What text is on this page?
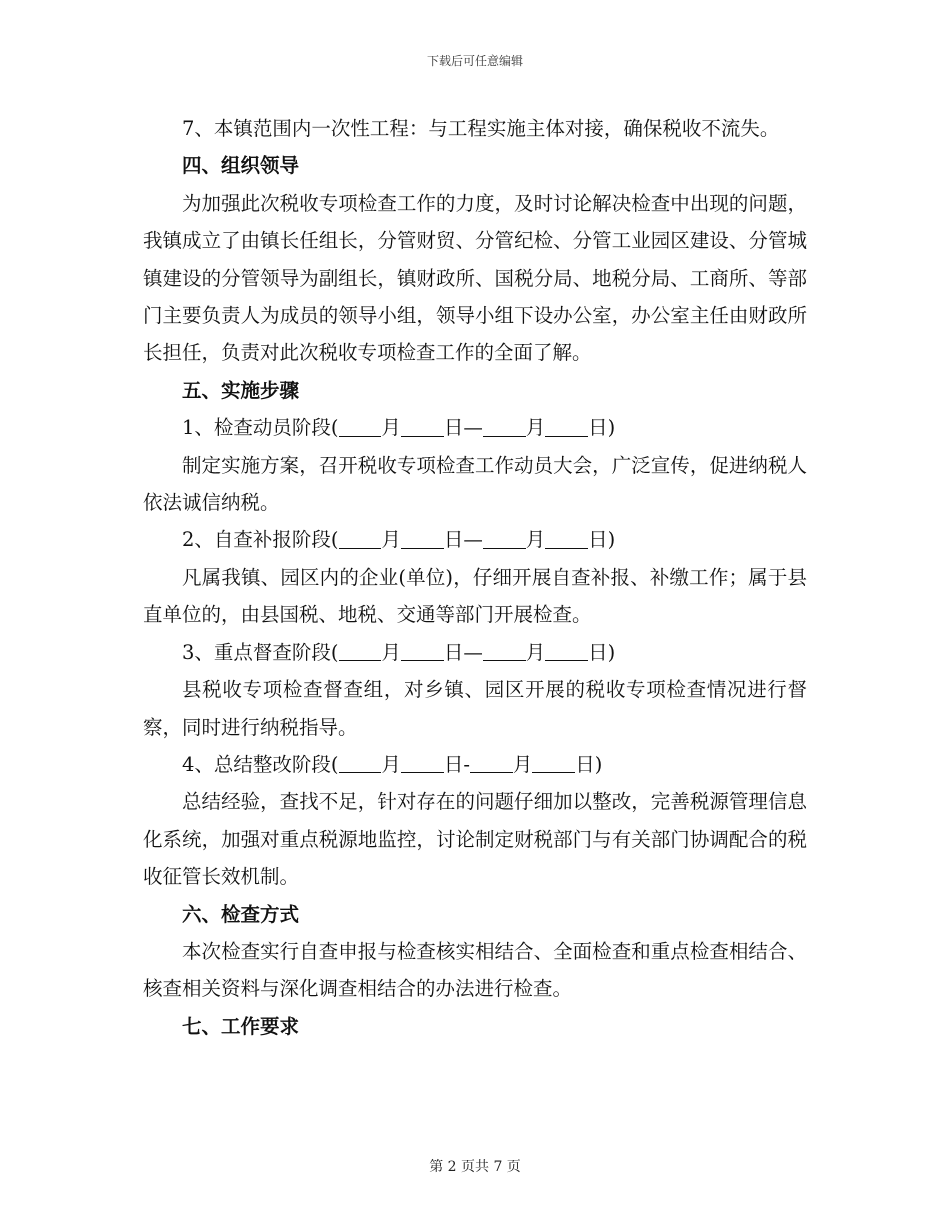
下载后可任意编辑

7、本镇范围内一次性工程：与工程实施主体对接，确保税收不流失。

四、组织领导

为加强此次税收专项检查工作的力度，及时讨论解决检查中出现的问题，我镇成立了由镇长任组长，分管财贸、分管纪检、分管工业园区建设、分管城镇建设的分管领导为副组长，镇财政所、国税分局、地税分局、工商所、等部门主要负责人为成员的领导小组，领导小组下设办公室，办公室主任由财政所长担任，负责对此次税收专项检查工作的全面了解。

五、实施步骤

1、检查动员阶段( 月 日— 月 日)

制定实施方案，召开税收专项检查工作动员大会，广泛宣传，促进纳税人依法诚信纳税。

2、自查补报阶段( 月 日— 月 日)

凡属我镇、园区内的企业(单位)，仔细开展自查补报、补缴工作；属于县直单位的，由县国税、地税、交通等部门开展检查。

3、重点督查阶段( 月 日— 月 日)

县税收专项检查督查组，对乡镇、园区开展的税收专项检查情况进行督察，同时进行纳税指导。

4、总结整改阶段( 月 日- 月 日)

总结经验，查找不足，针对存在的问题仔细加以整改，完善税源管理信息化系统，加强对重点税源地监控，讨论制定财税部门与有关部门协调配合的税收征管长效机制。

六、检查方式

本次检查实行自查申报与检查核实相结合、全面检查和重点检查相结合、核查相关资料与深化调查相结合的办法进行检查。

七、工作要求

第 2 页共 7 页
